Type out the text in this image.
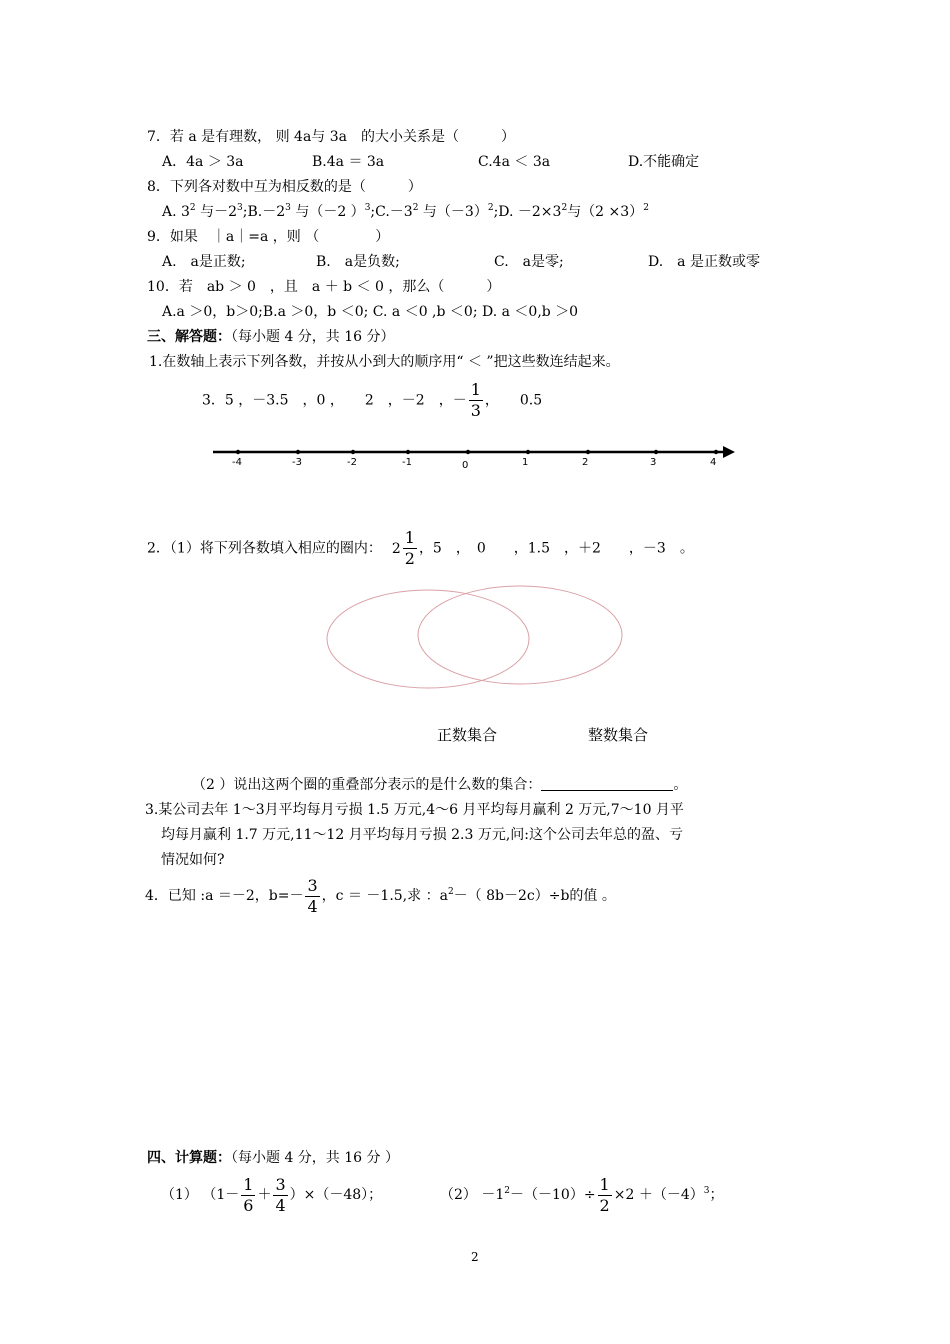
7．若 a 是有理数， 则 4a与 3a　的大小关系是（　　　）
A．4a ＞ 3a	B.4a ＝ 3a	C.4a ＜ 3a	D.不能确定
8．下列各对数中互为相反数的是（　　　）
A. $3^2$ 与$-2^3;B.-2^3$ 与（－2 ）$^3;C.-3^2$ 与$(-3)^2;D$. $-2\times 3^2$与$(2 \times 3)^2$
9．如果　｜a｜=a ，则 （　　　　）
A.　a是正数;	B.　a是负数;	C.　a是零;	D.　a 是正数或零
10．若　ab ＞ 0　，且　a ＋ b ＜ 0 ，那么（　　　）
A.a ＞0，b＞0;B.a ＞0，b ＜0; C. a ＜0 ,b ＜0; D. a ＜0,b ＞0
三、解答题：（每小题 4 分，共 16 分）
1.在数轴上表示下列各数，并按从小到大的顺序用“ ＜ ”把这些数连结起来。
3．5 ，－3.5　，0 ，　　2　，－2　，－ $\frac{1}{3}$ ，　　0.5
-4	-3	-2	-1	0	1	2	3	4
2．（1）将下列各数填入相应的圈内： $2 \frac{1}{2}$ ，5　，　0　　，1.5　，＋2　　，－3　。
正数集合	整数集合
（2 ）说出这两个圈的重叠部分表示的是什么数的集合：	。
3.某公司去年 1～3月平均每月亏损 1.5 万元,4～6 月平均每月赢利 2 万元,7～10 月平
均每月赢利 1.7 万元,11～12 月平均每月亏损 2.3 万元,问:这个公司去年总的盈、亏
情况如何?
4．已知 :a ＝－2，$b=- \frac{3}{4}$ ，c ＝ －1.5,求 ：$a^2-$（ 8b－2c）÷b的值 。
四、计算题：（每小题 4 分，共 16 分 ）
（1） $(1- \frac{1}{6} + \frac{3}{4} )\times(-48)$；	$(2) -1^2-(-10)\div \frac{1}{2} \times 2 +(-4)^3$；
2
